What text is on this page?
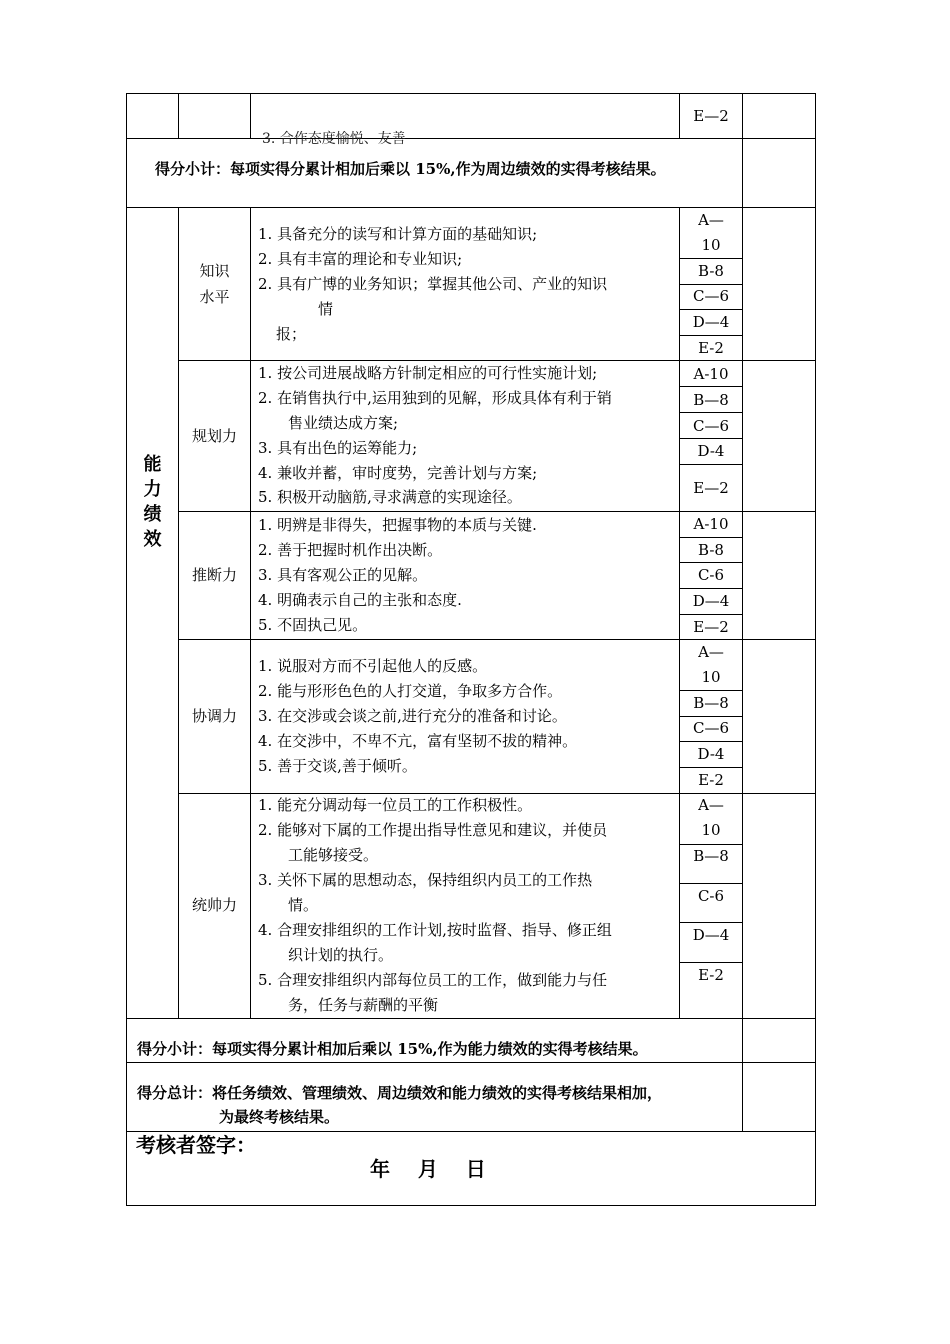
3. 合作态度愉悦、友善
E—2
得分小计：每项实得分累计相加后乘以 15%,作为周边绩效的实得考核结果。
能
力
绩
效
知识
水平
1. 具备充分的读写和计算方面的基础知识;
2. 具有丰富的理论和专业知识;
2. 具有广博的业务知识；掌握其他公司、产业的知识
情
报；
A—
10
B-8
C—6
D—4
E-2
规划力
1. 按公司进展战略方针制定相应的可行性实施计划;
2. 在销售执行中,运用独到的见解，形成具体有利于销
售业绩达成方案;
3. 具有出色的运筹能力;
4. 兼收并蓄，审时度势，完善计划与方案;
5. 积极开动脑筋,寻求满意的实现途径。
A-10
B—8
C—6
D-4
E—2
推断力
1. 明辨是非得失，把握事物的本质与关键.
2. 善于把握时机作出决断。
3. 具有客观公正的见解。
4. 明确表示自己的主张和态度.
5. 不固执己见。
A-10
B-8
C-6
D—4
E—2
协调力
1. 说服对方而不引起他人的反感。
2. 能与形形色色的人打交道，争取多方合作。
3. 在交涉或会谈之前,进行充分的准备和讨论。
4. 在交涉中，不卑不亢，富有坚韧不拔的精神。
5. 善于交谈,善于倾听。
A—
10
B—8
C—6
D-4
E-2
统帅力
1. 能充分调动每一位员工的工作积极性。
2. 能够对下属的工作提出指导性意见和建议，并使员
工能够接受。
3. 关怀下属的思想动态，保持组织内员工的工作热
情。
4. 合理安排组织的工作计划,按时监督、指导、修正组
织计划的执行。
5. 合理安排组织内部每位员工的工作，做到能力与任
务，任务与薪酬的平衡
A—
10
B—8
C-6
D—4
E-2
得分小计：每项实得分累计相加后乘以 15%,作为能力绩效的实得考核结果。
得分总计：将任务绩效、管理绩效、周边绩效和能力绩效的实得考核结果相加，
为最终考核结果。
考核者签字：
年    月    日
